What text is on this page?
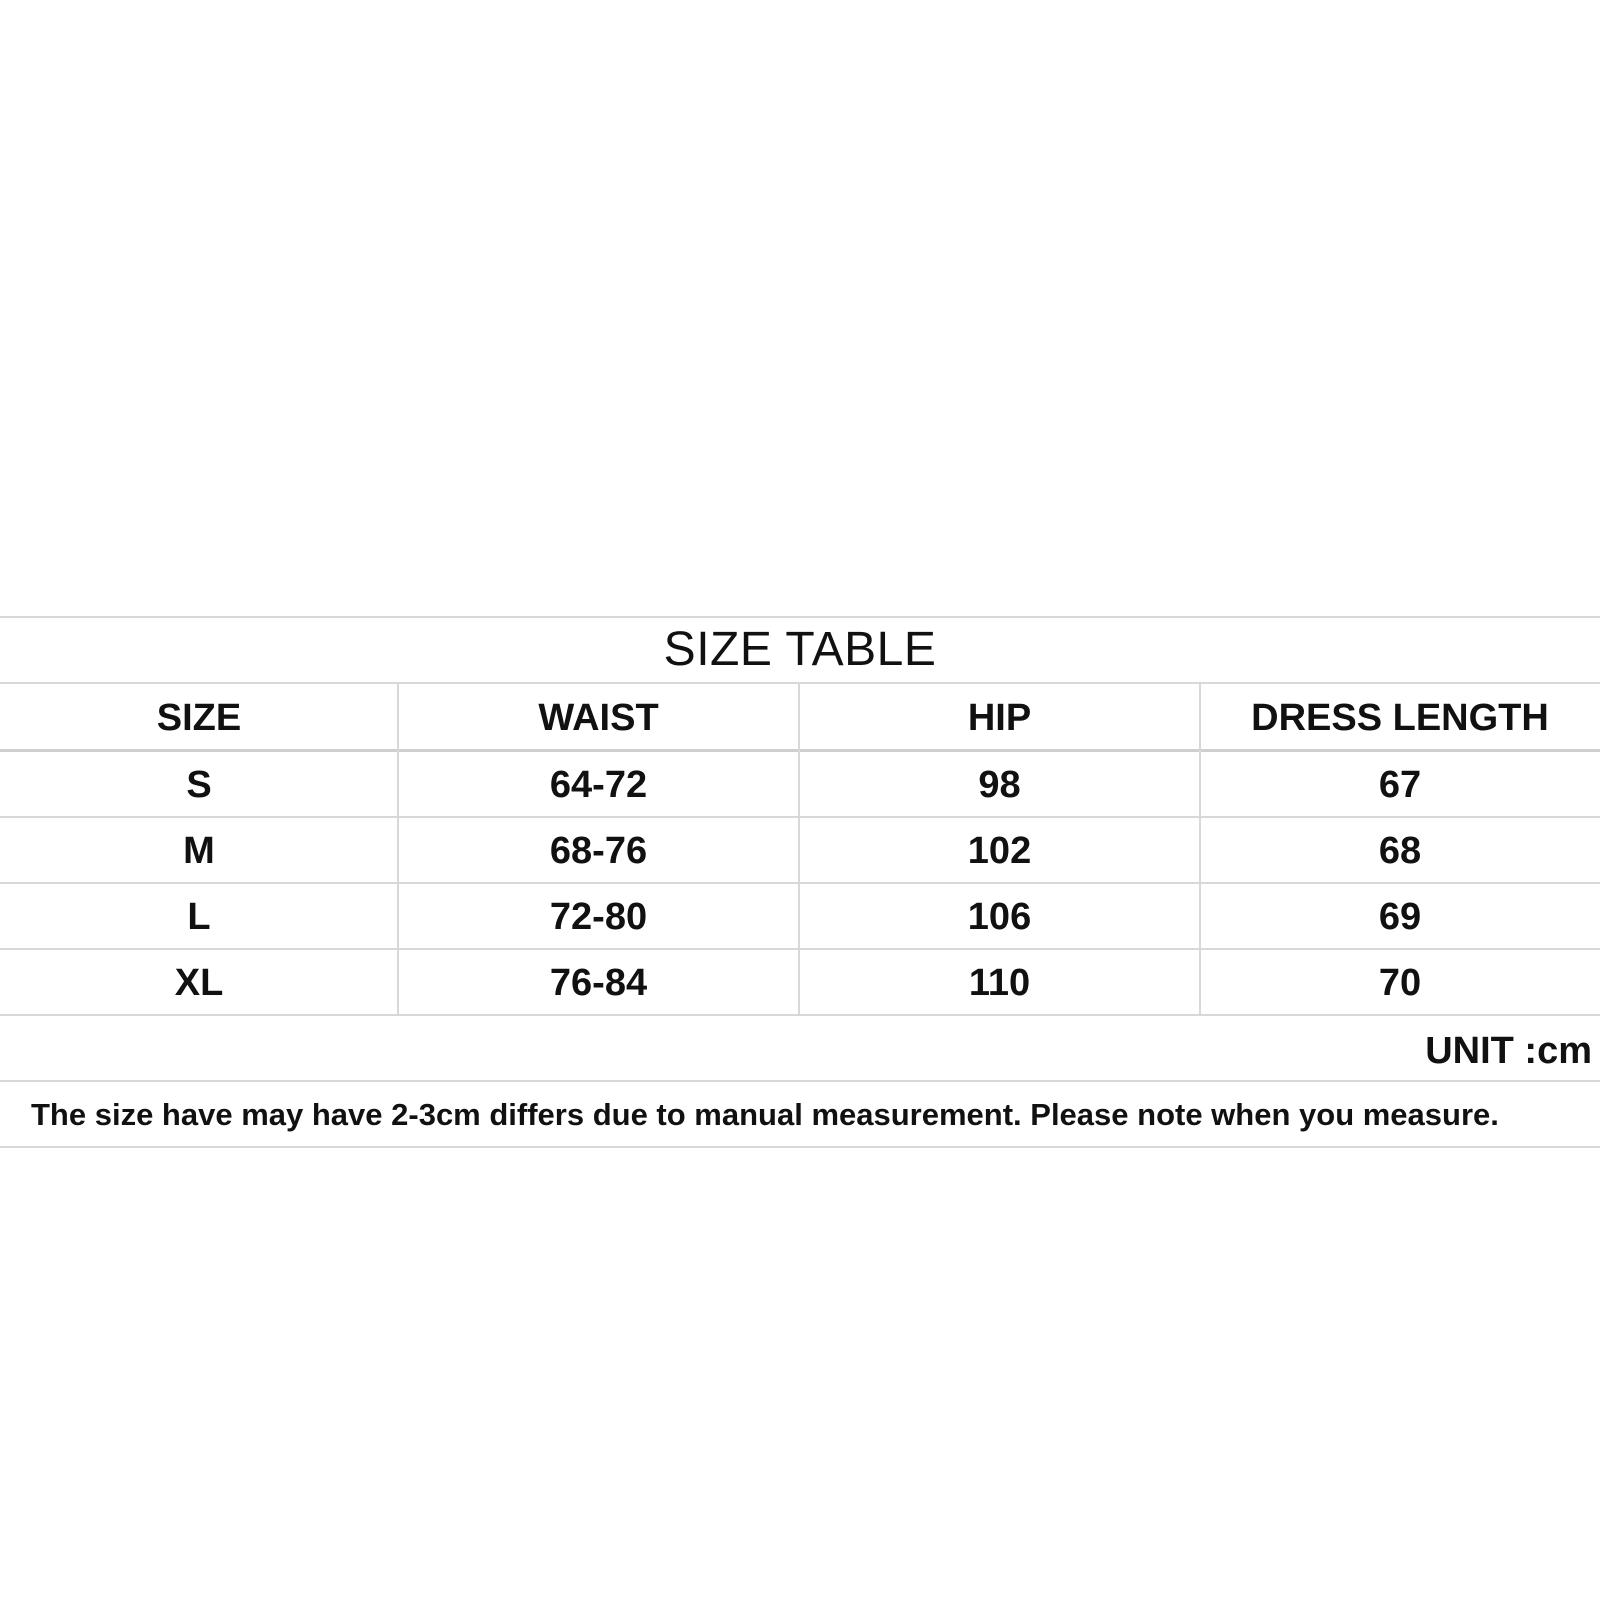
SIZE TABLE
SIZE	WAIST	HIP	DRESS LENGTH
S	64-72	98	67
M	68-76	102	68
L	72-80	106	69
XL	76-84	110	70
UNIT :cm
The size have may have 2-3cm differs due to manual measurement. Please note when you measure.
